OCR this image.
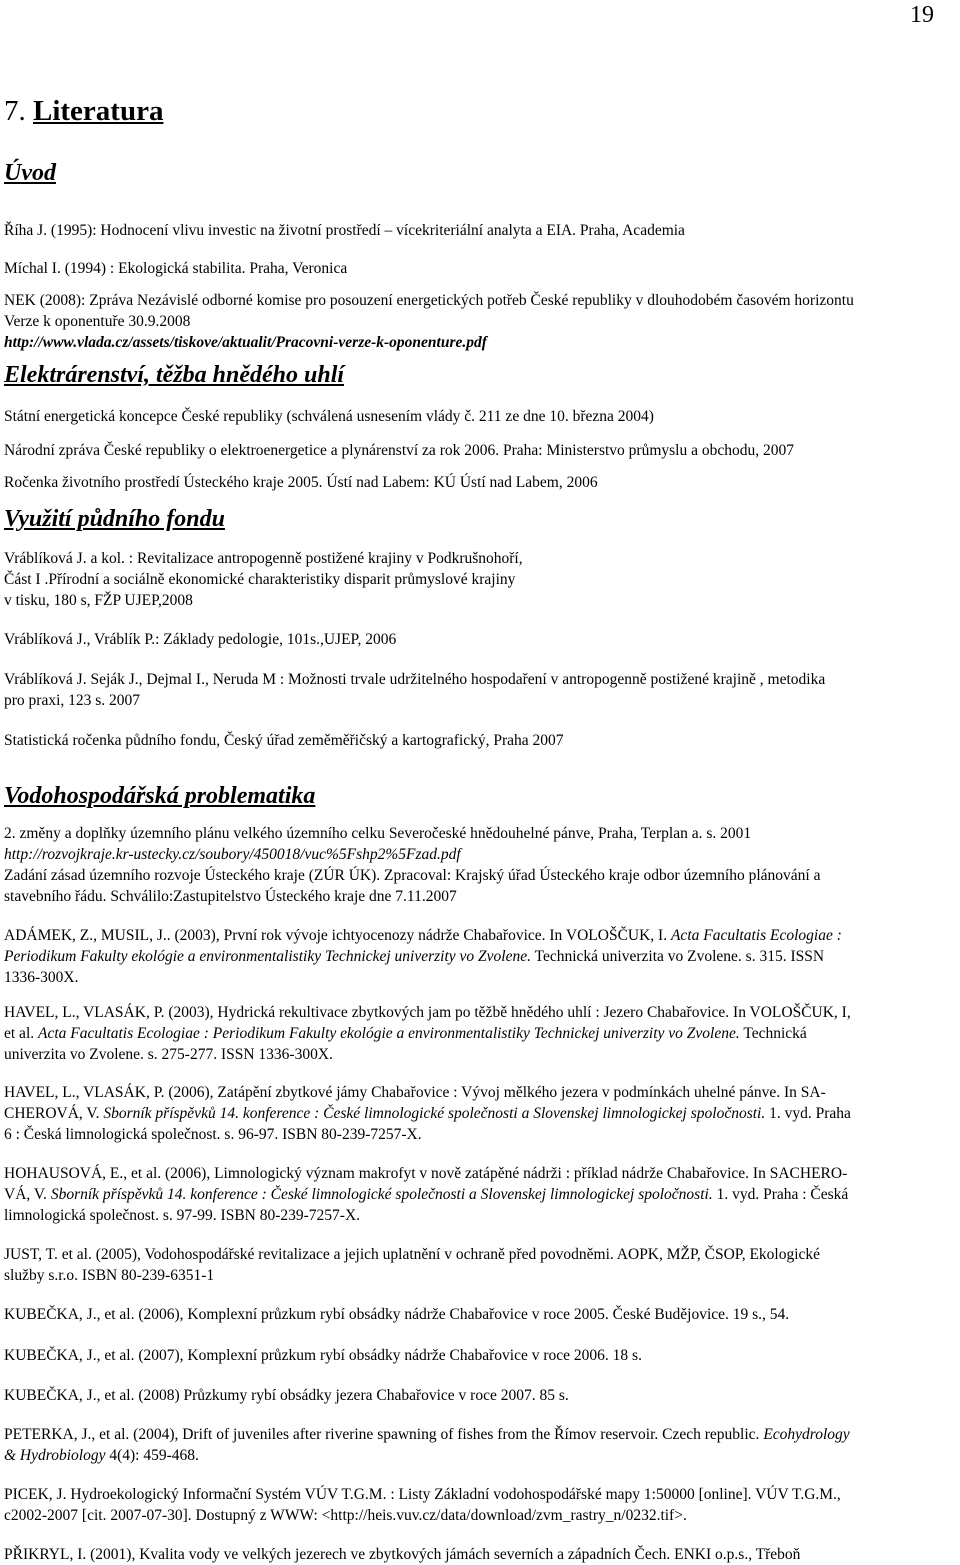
19
7. Literatura
Úvod
Říha J. (1995): Hodnocení vlivu investic na životní prostředí – vícekriteriální analyta a EIA. Praha, Academia
Míchal I. (1994) : Ekologická stabilita. Praha, Veronica
NEK (2008): Zpráva Nezávislé odborné komise pro posouzení energetických potřeb České republiky v dlouhodobém časovém horizontu
Verze k oponentuře 30.9.2008
http://www.vlada.cz/assets/tiskove/aktualit/Pracovni-verze-k-oponenture.pdf
Elektrárenství, těžba hnědého uhlí
Státní energetická koncepce České republiky (schválená usnesením vlády č. 211 ze dne 10. března 2004)
Národní zpráva České republiky o elektroenergetice a plynárenství za rok 2006. Praha: Ministerstvo průmyslu a obchodu, 2007
Ročenka životního prostředí Ústeckého kraje 2005. Ústí nad Labem: KÚ Ústí nad Labem, 2006
Využití půdního fondu
Vráblíková J. a kol. : Revitalizace antropogenně postižené krajiny v Podkrušnohoří,
Část I .Přírodní a sociálně ekonomické charakteristiky disparit průmyslové krajiny
v tisku, 180 s, FŽP UJEP,2008
Vráblíková J., Vráblík P.: Základy pedologie, 101s.,UJEP, 2006
Vráblíková J. Seják J., Dejmal I., Neruda M : Možnosti trvale udržitelného hospodaření v antropogenně postižené krajině , metodika
pro praxi, 123 s. 2007
Statistická ročenka půdního fondu, Český úřad zeměměřičský a kartografický, Praha 2007
Vodohospodářská problematika
2. změny a doplňky územního plánu velkého územního celku Severočeské hnědouhelné pánve, Praha, Terplan a. s. 2001
http://rozvojkraje.kr-ustecky.cz/soubory/450018/vuc%5Fshp2%5Fzad.pdf
Zadání zásad územního rozvoje Ústeckého kraje (ZÚR ÚK). Zpracoval: Krajský úřad Ústeckého kraje odbor územního plánování a
stavebního řádu. Schválilo:Zastupitelstvo Ústeckého kraje dne 7.11.2007
ADÁMEK, Z., MUSIL, J.. (2003), První rok vývoje ichtyocenozy nádrže Chabařovice. In VOLOŠČUK, I. Acta Facultatis Ecologiae :
Periodikum Fakulty ekológie a environmentalistiky Technickej univerzity vo Zvolene. Technická univerzita vo Zvolene. s. 315. ISSN
1336-300X.
HAVEL, L., VLASÁK, P. (2003), Hydrická rekultivace zbytkových jam po těžbě hnědého uhlí : Jezero Chabařovice. In VOLOŠČUK, I,
et al. Acta Facultatis Ecologiae : Periodikum Fakulty ekológie a environmentalistiky Technickej univerzity vo Zvolene. Technická
univerzita vo Zvolene. s. 275-277. ISSN 1336-300X.
HAVEL, L., VLASÁK, P. (2006), Zatápění zbytkové jámy Chabařovice : Vývoj mělkého jezera v podmínkách uhelné pánve. In SA-
CHEROVÁ, V. Sborník příspěvků 14. konference : České limnologické společnosti a Slovenskej limnologickej spoločnosti. 1. vyd. Praha
6 : Česká limnologická společnost. s. 96-97. ISBN 80-239-7257-X.
HOHAUSOVÁ, E., et al. (2006), Limnologický význam makrofyt v nově zatápěné nádrži : příklad nádrže Chabařovice. In SACHERO-
VÁ, V. Sborník příspěvků 14. konference : České limnologické společnosti a Slovenskej limnologickej spoločnosti. 1. vyd. Praha : Česká
limnologická společnost. s. 97-99. ISBN 80-239-7257-X.
JUST, T. et al. (2005), Vodohospodářské revitalizace a jejich uplatnění v ochraně před povodněmi. AOPK, MŽP, ČSOP, Ekologické
služby s.r.o. ISBN 80-239-6351-1
KUBEČKA, J., et al. (2006), Komplexní průzkum rybí obsádky nádrže Chabařovice v roce 2005. České Budějovice. 19 s., 54.
KUBEČKA, J., et al. (2007), Komplexní průzkum rybí obsádky nádrže Chabařovice v roce 2006. 18 s.
KUBEČKA, J., et al. (2008) Průzkumy rybí obsádky jezera Chabařovice v roce 2007. 85 s.
PETERKA, J., et al. (2004), Drift of juveniles after riverine spawning of fishes from the Římov reservoir. Czech republic. Ecohydrology
& Hydrobiology 4(4): 459-468.
PICEK, J. Hydroekologický Informační Systém VÚV T.G.M. : Listy Základní vodohospodářské mapy 1:50000 [online]. VÚV T.G.M.,
c2002-2007 [cit. 2007-07-30]. Dostupný z WWW: <http://heis.vuv.cz/data/download/zvm_rastry_n/0232.tif>.
PŘIKRYL, I. (2001), Kvalita vody ve velkých jezerech ve zbytkových jámách severních a západních Čech. ENKI o.p.s., Třeboň
